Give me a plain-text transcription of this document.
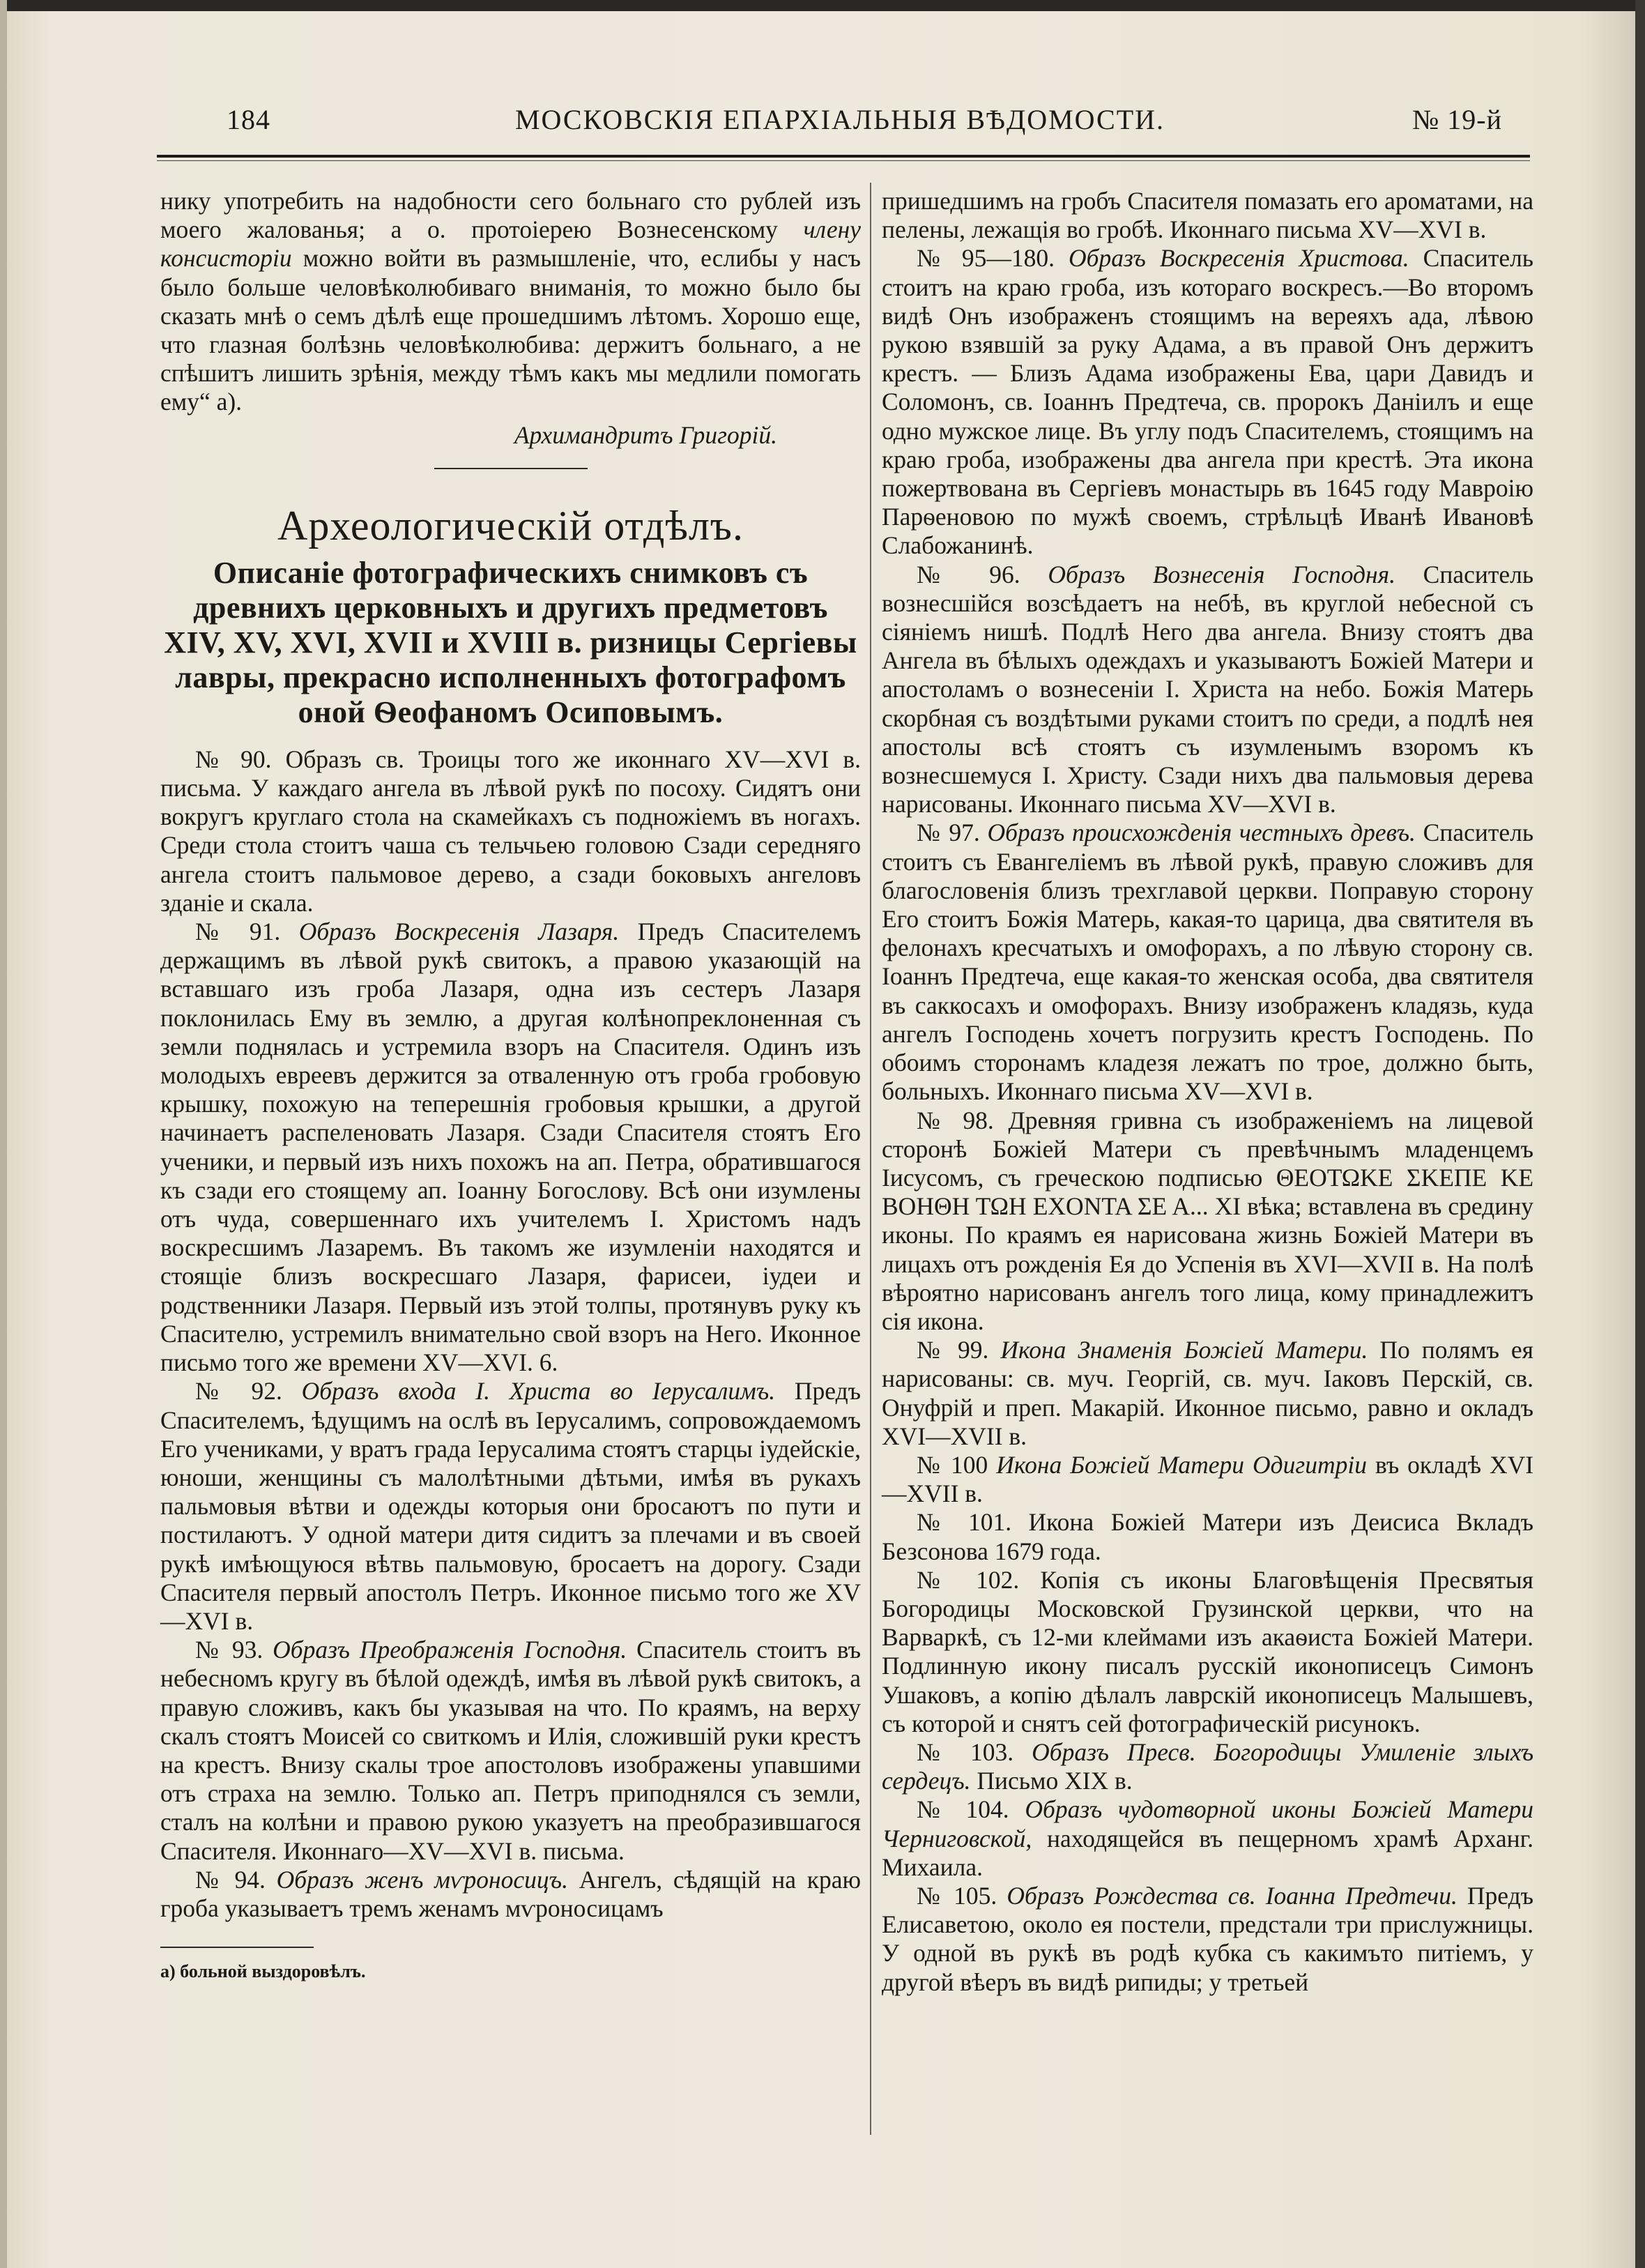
184	МОСКОВСКІЯ ЕПАРХІАЛЬНЫЯ ВѢДОМОСТИ.	№ 19-й

нику употребить на надобности сего больнаго сто рублей изъ моего жалованья; а о. протоіерею Вознесенскому члену консисторіи можно войти въ размышленіе, что, еслибы у насъ было больше человѣколюбиваго вниманія, то можно было бы сказать мнѣ о семъ дѣлѣ еще прошедшимъ лѣтомъ. Хорошо еще, что глазная болѣзнь человѣколюбива: держитъ больнаго, а не спѣшитъ лишить зрѣнія, между тѣмъ какъ мы медлили помогать ему“ а).

Архимандритъ Григорій.

Археологическій отдѣлъ.

Описаніе фотографическихъ снимковъ съ древнихъ церковныхъ и другихъ предметовъ XIV, XV, XVI, XVII и XVIII в. ризницы Сергіевы лавры, прекрасно исполненныхъ фотографомъ оной Ѳеофаномъ Осиповымъ.

№ 90. Образъ св. Троицы того же иконнаго XV—XVI в. письма. У каждаго ангела въ лѣвой рукѣ по посоху. Сидятъ они вокругъ круглаго стола на скамейкахъ съ подножіемъ въ ногахъ. Среди стола стоитъ чаша съ тельчьею головою Сзади середняго ангела стоитъ пальмовое дерево, а сзади боковыхъ ангеловъ зданіе и скала.

№ 91. Образъ Воскресенія Лазаря. Предъ Спасителемъ держащимъ въ лѣвой рукѣ свитокъ, а правою указающій на вставшаго изъ гроба Лазаря, одна изъ сестеръ Лазаря поклонилась Ему въ землю, а другая колѣнопреклоненная съ земли поднялась и устремила взоръ на Спасителя. Одинъ изъ молодыхъ евреевъ держится за отваленную отъ гроба гробовую крышку, похожую на теперешнія гробовыя крышки, а другой начинаетъ распеленовать Лазаря. Сзади Спасителя стоятъ Его ученики, и первый изъ нихъ похожъ на ап. Петра, обратившагося къ сзади его стоящему ап. Іоанну Богослову. Всѣ они изумлены отъ чуда, совершеннаго ихъ учителемъ І. Христомъ надъ воскресшимъ Лазаремъ. Въ такомъ же изумленіи находятся и стоящіе близъ воскресшаго Лазаря, фарисеи, іудеи и родственники Лазаря. Первый изъ этой толпы, протянувъ руку къ Спасителю, устремилъ внимательно свой взоръ на Него. Иконное письмо того же времени XV—XVI. 6.

№ 92. Образъ входа І. Христа во Іерусалимъ. Предъ Спасителемъ, ѣдущимъ на ослѣ въ Іерусалимъ, сопровождаемомъ Его учениками, у вратъ града Іерусалима стоятъ старцы іудейскіе, юноши, женщины съ малолѣтными дѣтьми, имѣя въ рукахъ пальмовыя вѣтви и одежды которыя они бросаютъ по пути и постилаютъ. У одной матери дитя сидитъ за плечами и въ своей рукѣ имѣющуюся вѣтвь пальмовую, бросаетъ на дорогу. Сзади Спасителя первый апостолъ Петръ. Иконное письмо того же XV—XVI в.

№ 93. Образъ Преображенія Господня. Спаситель стоитъ въ небесномъ кругу въ бѣлой одеждѣ, имѣя въ лѣвой рукѣ свитокъ, а правую сложивъ, какъ бы указывая на что. По краямъ, на верху скалъ стоятъ Моисей со свиткомъ и Илія, сложившій руки крестъ на крестъ. Внизу скалы трое апостоловъ изображены упавшими отъ страха на землю. Только ап. Петръ приподнялся съ земли, сталъ на колѣни и правою рукою указуетъ на преобразившагося Спасителя. Иконнаго—XV—XVI в. письма.

№ 94. Образъ женъ мѵроносицъ. Ангелъ, сѣдящій на краю гроба указываетъ тремъ женамъ мѵроносицамъ

а) больной выздоровѣлъ.

пришедшимъ на гробъ Спасителя помазать его ароматами, на пелены, лежащія во гробѣ. Иконнаго письма XV—XVI в.

№ 95—180. Образъ Воскресенія Христова. Спаситель стоитъ на краю гроба, изъ котораго воскресъ.—Во второмъ видѣ Онъ изображенъ стоящимъ на вереяхъ ада, лѣвою рукою взявшій за руку Адама, а въ правой Онъ держитъ крестъ. — Близъ Адама изображены Ева, цари Давидъ и Соломонъ, св. Іоаннъ Предтеча, св. пророкъ Даніилъ и еще одно мужское лице. Въ углу подъ Спасителемъ, стоящимъ на краю гроба, изображены два ангела при крестѣ. Эта икона пожертвована въ Сергіевъ монастырь въ 1645 году Мавроію Парѳеновою по мужѣ своемъ, стрѣльцѣ Иванѣ Ивановѣ Слабожанинѣ.

№ 96. Образъ Вознесенія Господня. Спаситель вознесшійся возсѣдаетъ на небѣ, въ круглой небесной съ сіяніемъ нишѣ. Подлѣ Него два ангела. Внизу стоятъ два Ангела въ бѣлыхъ одеждахъ и указываютъ Божіей Матери и апостоламъ о вознесеніи І. Христа на небо. Божія Матерь скорбная съ воздѣтыми руками стоитъ по среди, а подлѣ нея апостолы всѣ стоятъ съ изумленымъ взоромъ къ вознесшемуся І. Христу. Сзади нихъ два пальмовыя дерева нарисованы. Иконнаго письма XV—XVI в.

№ 97. Образъ происхожденія честныхъ древъ. Спаситель стоитъ съ Евангеліемъ въ лѣвой рукѣ, правую сложивъ для благословенія близъ трехглавой церкви. Поправую сторону Его стоитъ Божія Матерь, какая-то царица, два святителя въ фелонахъ кресчатыхъ и омофорахъ, а по лѣвую сторону св. Іоаннъ Предтеча, еще какая-то женская особа, два святителя въ саккосахъ и омофорахъ. Внизу изображенъ кладязь, куда ангелъ Господень хочетъ погрузить крестъ Господень. По обоимъ сторонамъ кладезя лежатъ по трое, должно быть, больныхъ. Иконнаго письма XV—XVI в.

№ 98. Древняя гривна съ изображеніемъ на лицевой сторонѣ Божіей Матери съ превѣчнымъ младенцемъ Іисусомъ, съ греческою подписью ΘΕΟΤΩΚΕ ΣΚΕΠΕ ΚΕ ΒΟΗΘΗ ΤΩΗ ΕΧΟΝΤΑ ΣΕ Α... XI вѣка; вставлена въ средину иконы. По краямъ ея нарисована жизнь Божіей Матери въ лицахъ отъ рожденія Ея до Успенія въ XVI—XVII в. На полѣ вѣроятно нарисованъ ангелъ того лица, кому принадлежитъ сія икона.

№ 99. Икона Знаменія Божіей Матери. По полямъ ея нарисованы: св. муч. Георгій, св. муч. Іаковъ Перскій, св. Онуфрій и преп. Макарій. Иконное письмо, равно и окладъ XVI—XVII в.

№ 100 Икона Божіей Матери Одигитріи въ окладѣ XVI—XVII в.

№ 101. Икона Божіей Матери изъ Деисиса Вкладъ Безсонова 1679 года.

№ 102. Копія съ иконы Благовѣщенія Пресвятыя Богородицы Московской Грузинской церкви, что на Варваркѣ, съ 12-ми клеймами изъ акаѳиста Божіей Матери. Подлинную икону писалъ русскій иконописецъ Симонъ Ушаковъ, а копію дѣлалъ лаврскій иконописецъ Малышевъ, съ которой и снятъ сей фотографическій рисунокъ.

№ 103. Образъ Пресв. Богородицы Умиленіе злыхъ сердецъ. Письмо XIX в.

№ 104. Образъ чудотворной иконы Божіей Матери Черниговской, находящейся въ пещерномъ храмѣ Арханг. Михаила.

№ 105. Образъ Рождества св. Іоанна Предтечи. Предъ Елисаветою, около ея постели, предстали три прислужницы. У одной въ рукѣ въ родѣ кубка съ какимъто питіемъ, у другой вѣеръ въ видѣ рипиды; у третьей
